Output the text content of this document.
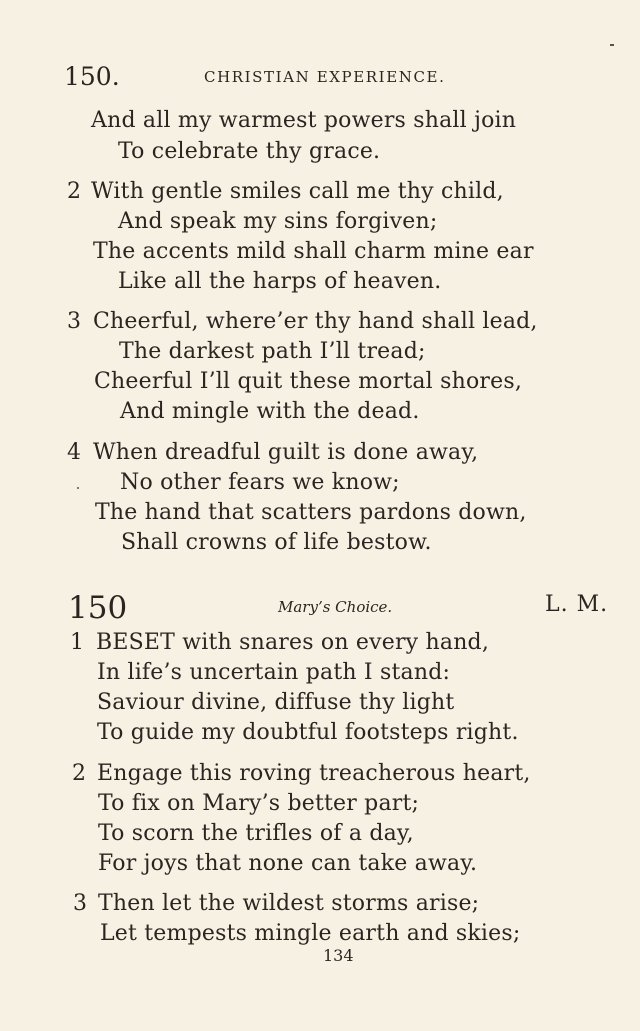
150.	CHRISTIAN EXPERIENCE.
And all my warmest powers shall join
To celebrate thy grace.
2 With gentle smiles call me thy child,
And speak my sins forgiven;
The accents mild shall charm mine ear
Like all the harps of heaven.
3 Cheerful, where’er thy hand shall lead,
The darkest path I’ll tread;
Cheerful I’ll quit these mortal shores,
And mingle with the dead.
4 When dreadful guilt is done away,
No other fears we know;
The hand that scatters pardons down,
Shall crowns of life bestow.
150	Mary’s Choice.	L. M.
1 BESET with snares on every hand,
In life’s uncertain path I stand:
Saviour divine, diffuse thy light
To guide my doubtful footsteps right.
2 Engage this roving treacherous heart,
To fix on Mary’s better part;
To scorn the trifles of a day,
For joys that none can take away.
3 Then let the wildest storms arise;
Let tempests mingle earth and skies;
134
